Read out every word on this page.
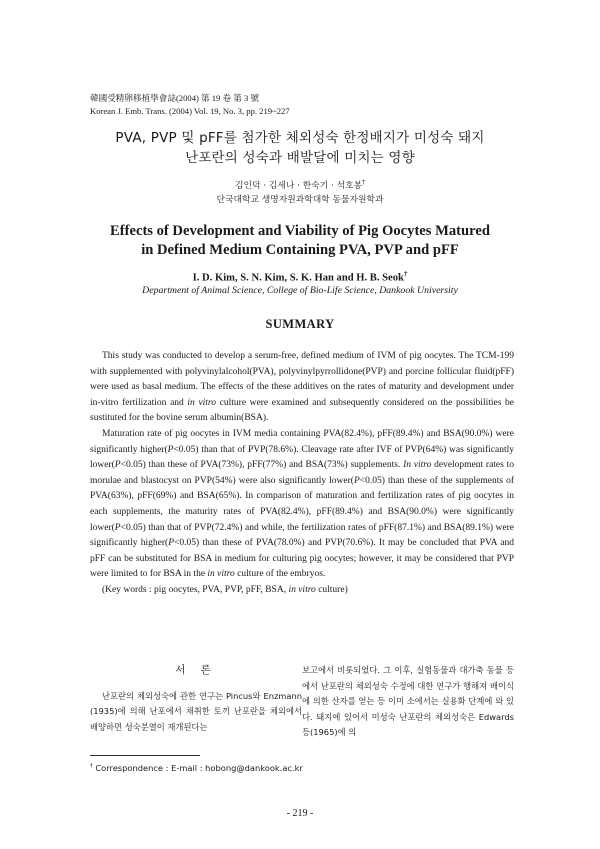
韓國受精卵移植學會誌(2004) 第 19 卷 第 3 號
Korean J. Emb. Trans. (2004) Vol. 19, No. 3, pp. 219~227
PVA, PVP 및 pFF를 첨가한 체외성숙 한정배지가 미성숙 돼지
난포란의 성숙과 배발달에 미치는 영향
김인덕 · 김세나 · 한숙기 · 석호봉†
단국대학교 생명자원과학대학 동물자원학과
Effects of Development and Viability of Pig Oocytes Matured
in Defined Medium Containing PVA, PVP and pFF
I. D. Kim, S. N. Kim, S. K. Han and H. B. Seok†
Department of Animal Science, College of Bio-Life Science, Dankook University
SUMMARY

This study was conducted to develop a serum-free, defined medium of IVM of pig oocytes. The TCM-199 with supplemented with polyvinylalcohol(PVA), polyvinylpyrrollidone(PVP) and porcine follicular fluid(pFF) were used as basal medium. The effects of the these additives on the rates of maturity and development under in-vitro fertilization and in vitro culture were examined and subsequently considered on the possibilities be sustituted for the bovine serum albumin(BSA).

Maturation rate of pig oocytes in IVM media containing PVA(82.4%), pFF(89.4%) and BSA(90.0%) were significantly higher(P<0.05) than that of PVP(78.6%). Cleavage rate after IVF of PVP(64%) was significantly lower(P<0.05) than these of PVA(73%), pFF(77%) and BSA(73%) supplements. In vitro development rates to morulae and blastocyst on PVP(54%) were also significantly lower(P<0.05) than these of the supplements of PVA(63%), pFF(69%) and BSA(65%). In comparison of maturation and fertilization rates of pig oocytes in each supplements, the maturity rates of PVA(82.4%), pFF(89.4%) and BSA(90.0%) were significantly lower(P<0.05) than that of PVP(72.4%) and while, the fertilization rates of pFF(87.1%) and BSA(89.1%) were significantly higher(P<0.05) than these of PVA(78.0%) and PVP(70.6%). It may be concluded that PVA and pFF can be substituted for BSA in medium for culturing pig oocytes; however, it may be considered that PVP were limited to for BSA in the in vitro culture of the embryos.

(Key words : pig oocytes, PVA, PVP, pFF, BSA, in vitro culture)

서 론

난포란의 체외성숙에 관한 연구는 Pincus와 Enzmann (1935)에 의해 난포에서 채취한 토끼 난포란을 체외에서 배양하면 성숙분열이 재개된다는

보고에서 비롯되었다. 그 이후, 실험동물과 대가축 동물 등에서 난포란의 체외성숙 수정에 대한 연구가 행해져 배이식에 의한 산자를 얻는 등 이미 소에서는 실용화 단계에 와 있다. 돼지에 있어서 미성숙 난포란의 체외성숙은 Edwards 등(1965)에 의

† Correspondence : E-mail : hobong@dankook.ac.kr
- 219 -
